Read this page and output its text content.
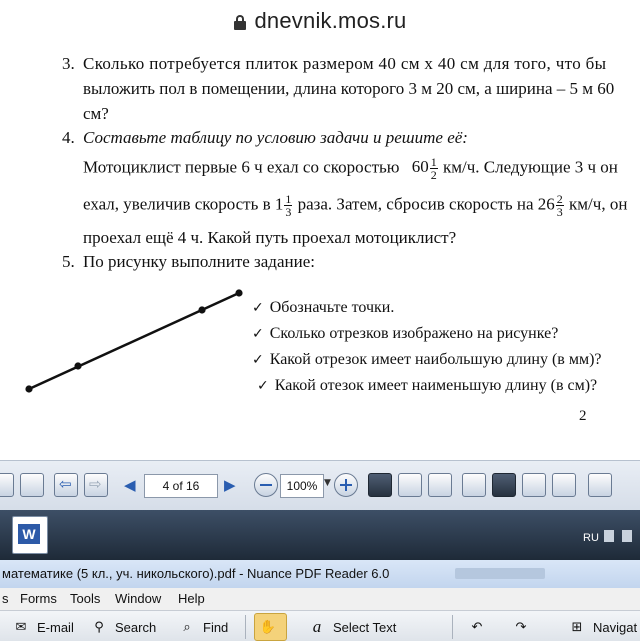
dnevnik.mos.ru
3. Сколько потребуется плиток размером 40 см х 40 см для того, что бы
выложить пол в помещении, длина которого 3 м 20 см, а ширина – 5 м 60
см?
4. Составьте таблицу по условию задачи и решите её:
Мотоциклист первые 6 ч ехал со скоростью $60 \frac{1}{2} км/ч$. Следующие 3 ч он
ехал, увеличив скорость в $1 \frac{1}{3}$ раза. Затем, сбросив скорость на $26 \frac{2}{3} км/ч$, он
проехал ещё 4 ч. Какой путь проехал мотоциклист?
5. По рисунку выполните задание:
✓ Обозначьте точки.
✓ Сколько отрезков изображено на рисунке?
✓ Какой отрезок имеет наибольшую длину (в мм)?
✓ Какой отезок имеет наименьшую длину (в см)?
2
⇦ ⇨ ◀	4 of 16	▶	100% ▼
W	RU
математике (5 кл., уч. никольского).pdf - Nuance PDF Reader 6.0
s Forms Tools Window Help
✉ E-mail	⚲ Search	⌕ Find ✋	a Select Text	↶	↷	⊞ Navigat
